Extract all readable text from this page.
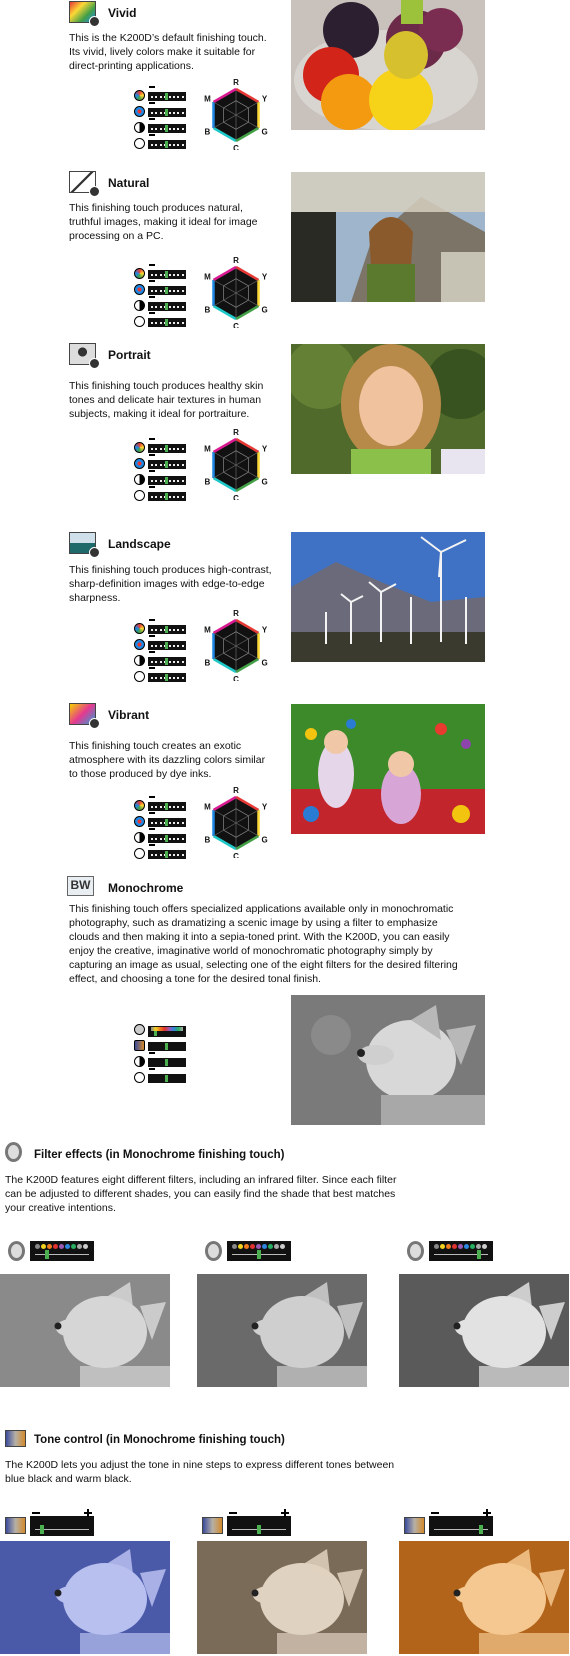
Vivid
This is the K200D’s default finishing touch.
Its vivid, lively colors make it suitable for
direct-printing applications.
R
Y
G
C
B
M
Natural
This finishing touch produces natural,
truthful images, making it ideal for image
processing on a PC.
R
Y
G
C
B
M
Portrait
This finishing touch produces healthy skin
tones and delicate hair textures in human
subjects, making it ideal for portraiture.
R
Y
G
C
B
M
Landscape
This finishing touch produces high-contrast,
sharp-definition images with edge-to-edge
sharpness.
R
Y
G
C
B
M
Vibrant
This finishing touch creates an exotic
atmosphere with its dazzling colors similar
to those produced by dye inks.
R
Y
G
C
B
M
BW Monochrome
This finishing touch offers specialized applications available only in monochromatic
photography, such as dramatizing a scenic image by using a filter to emphasize
clouds and then making it into a sepia-toned print. With the K200D, you can easily
enjoy the creative, imaginative world of monochromatic photography simply by
capturing an image as usual, selecting one of the eight filters for the desired filtering
effect, and choosing a tone for the desired tonal finish.
Filter effects (in Monochrome finishing touch)
The K200D features eight different filters, including an infrared filter. Since each filter
can be adjusted to different shades, you can easily find the shade that best matches
your creative intentions.
Tone control (in Monochrome finishing touch)
The K200D lets you adjust the tone in nine steps to express different tones between
blue black and warm black.
